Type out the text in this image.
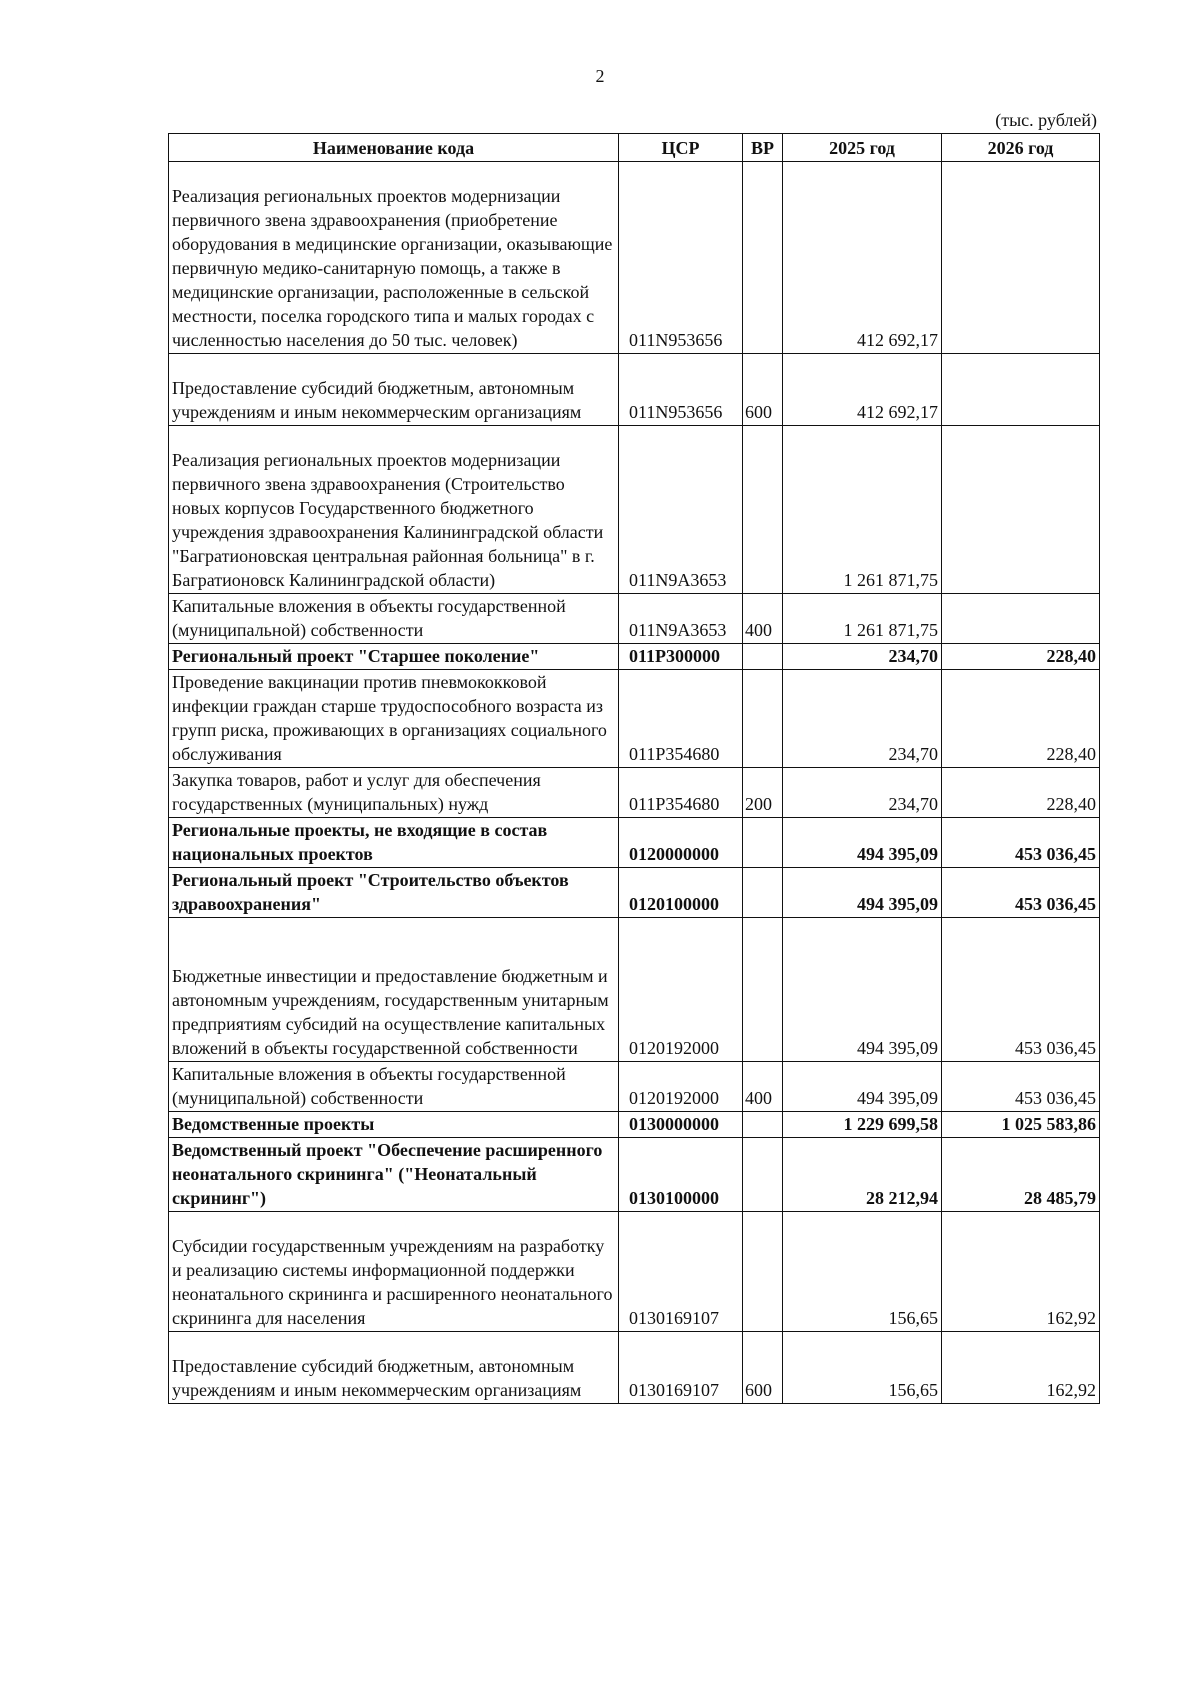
2
(тыс. рублей)
Наименование кода	ЦСР	ВР	2025 год	2026 год
Реализация региональных проектов модернизации первичного звена здравоохранения (приобретение оборудования в медицинские организации, оказывающие первичную медико-санитарную помощь, а также в медицинские организации, расположенные в сельской местности, поселка городского типа и малых городах с численностью населения до 50 тыс. человек)	011N953656		412 692,17	
Предоставление субсидий бюджетным, автономным учреждениям и иным некоммерческим организациям	011N953656	600	412 692,17	
Реализация региональных проектов модернизации первичного звена здравоохранения (Строительство новых корпусов Государственного бюджетного учреждения здравоохранения Калининградской области "Багратионовская центральная районная больница" в г. Багратионовск Калининградской области)	011N9A3653		1 261 871,75	
Капитальные вложения в объекты государственной (муниципальной) собственности	011N9A3653	400	1 261 871,75	
Региональный проект "Старшее поколение"	011P300000		234,70	228,40
Проведение вакцинации против пневмококковой инфекции граждан старше трудоспособного возраста из групп риска, проживающих в организациях социального обслуживания	011P354680		234,70	228,40
Закупка товаров, работ и услуг для обеспечения государственных (муниципальных) нужд	011P354680	200	234,70	228,40
Региональные проекты, не входящие в состав национальных проектов	0120000000		494 395,09	453 036,45
Региональный проект "Строительство объектов здравоохранения"	0120100000		494 395,09	453 036,45
Бюджетные инвестиции и предоставление бюджетным и автономным учреждениям, государственным унитарным предприятиям субсидий на осуществление капитальных вложений в объекты государственной собственности	0120192000		494 395,09	453 036,45
Капитальные вложения в объекты государственной (муниципальной) собственности	0120192000	400	494 395,09	453 036,45
Ведомственные проекты	0130000000		1 229 699,58	1 025 583,86
Ведомственный проект "Обеспечение расширенного неонатального скрининга" ("Неонатальный скрининг")	0130100000		28 212,94	28 485,79
Субсидии государственным учреждениям на разработку и реализацию системы информационной поддержки неонатального скрининга и расширенного неонатального скрининга для населения	0130169107		156,65	162,92
Предоставление субсидий бюджетным, автономным учреждениям и иным некоммерческим организациям	0130169107	600	156,65	162,92
